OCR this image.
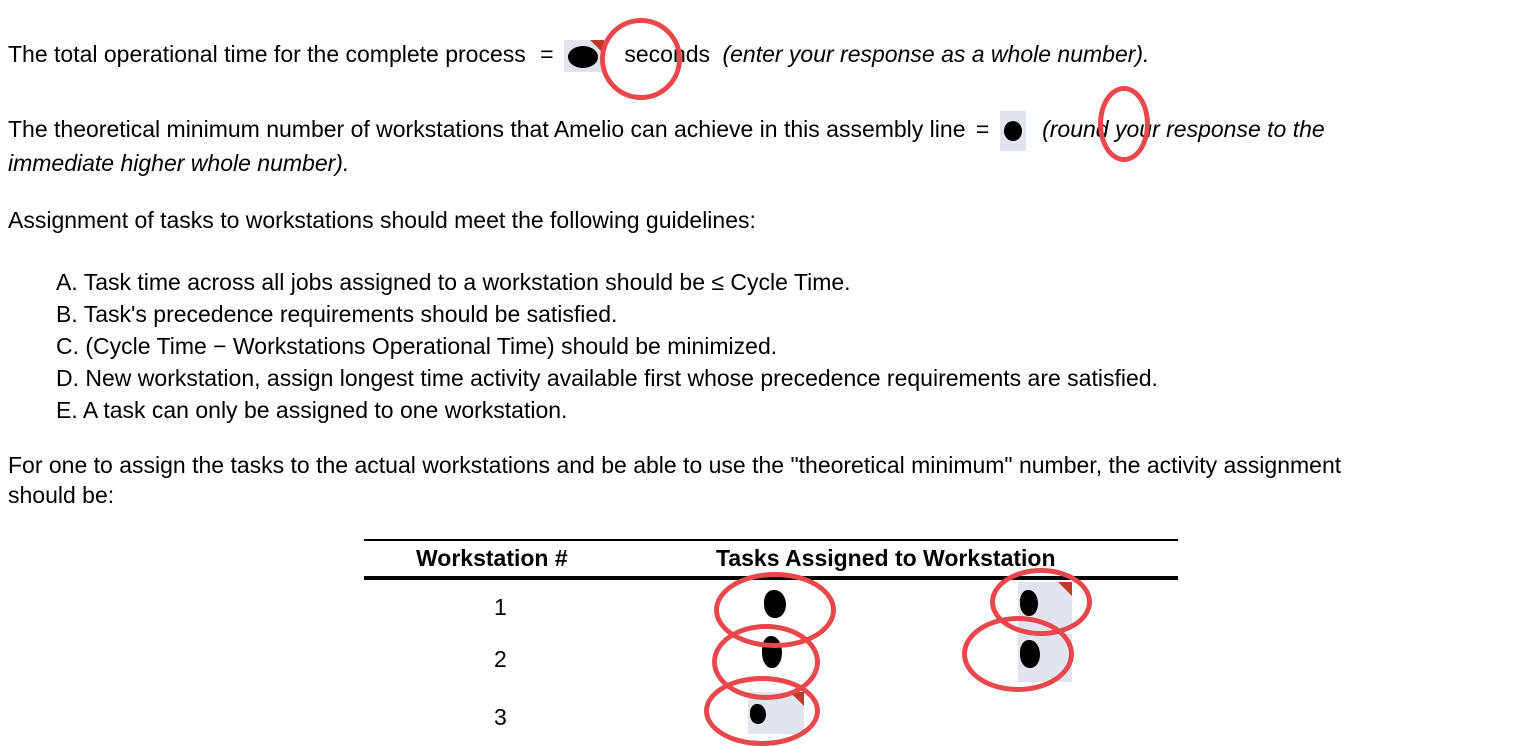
The total operational time for the complete process =	seconds (enter your response as a whole number).
The theoretical minimum number of workstations that Amelio can achieve in this assembly line = (round your response to the
immediate higher whole number).
Assignment of tasks to workstations should meet the following guidelines:
A. Task time across all jobs assigned to a workstation should be ≤ Cycle Time.
B. Task's precedence requirements should be satisfied.
C. (Cycle Time − Workstations Operational Time) should be minimized.
D. New workstation, assign longest time activity available first whose precedence requirements are satisfied.
E. A task can only be assigned to one workstation.
For one to assign the tasks to the actual workstations and be able to use the "theoretical minimum" number, the activity assignment
should be:
Workstation #	Tasks Assigned to Workstation
1
2
3
